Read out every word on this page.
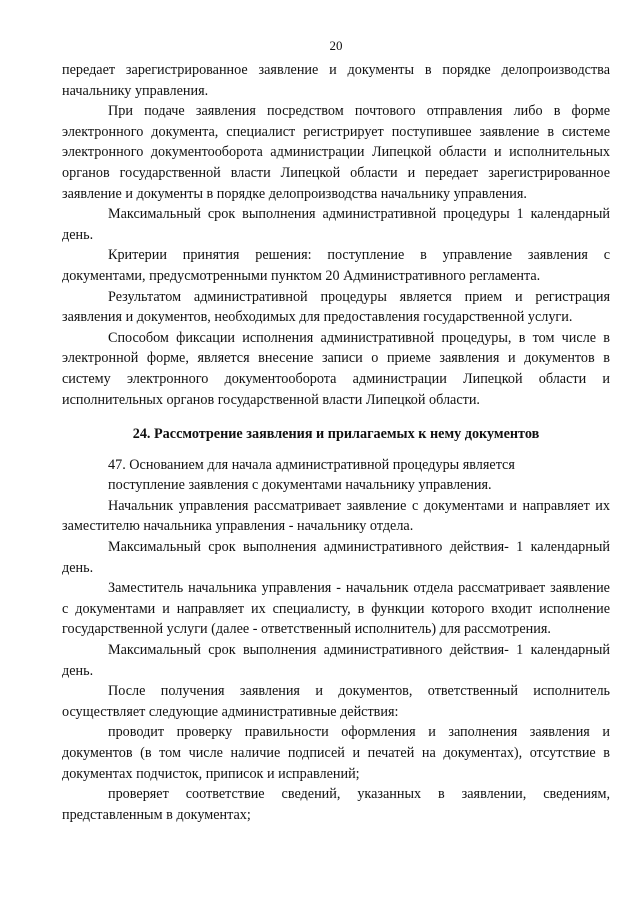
20

передает зарегистрированное заявление и документы в порядке делопроизводства начальнику управления.

При подаче заявления посредством почтового отправления либо в форме электронного документа, специалист регистрирует поступившее заявление в системе электронного документооборота администрации Липецкой области и исполнительных органов государственной власти Липецкой области и передает зарегистрированное заявление и документы в порядке делопроизводства начальнику управления.

Максимальный срок выполнения административной процедуры 1 календарный день.

Критерии принятия решения: поступление в управление заявления с документами, предусмотренными пунктом 20 Административного регламента.

Результатом административной процедуры является прием и регистрация заявления и документов, необходимых для предоставления государственной услуги.

Способом фиксации исполнения административной процедуры, в том числе в электронной форме, является внесение записи о приеме заявления и документов в систему электронного документооборота администрации Липецкой области и исполнительных органов государственной власти Липецкой области.

24. Рассмотрение заявления и прилагаемых к нему документов

47. Основанием для начала административной процедуры является

поступление заявления с документами начальнику управления.

Начальник управления рассматривает заявление с документами и направляет их заместителю начальника управления - начальнику отдела.

Максимальный срок выполнения административного действия- 1 календарный день.

Заместитель начальника управления - начальник отдела рассматривает заявление с документами и направляет их специалисту, в функции которого входит исполнение государственной услуги (далее - ответственный исполнитель) для рассмотрения.

Максимальный срок выполнения административного действия- 1 календарный день.

После получения заявления и документов, ответственный исполнитель осуществляет следующие административные действия:

проводит проверку правильности оформления и заполнения заявления и документов (в том числе наличие подписей и печатей на документах), отсутствие в документах подчисток, приписок и исправлений;

проверяет соответствие сведений, указанных в заявлении, сведениям, представленным в документах;
